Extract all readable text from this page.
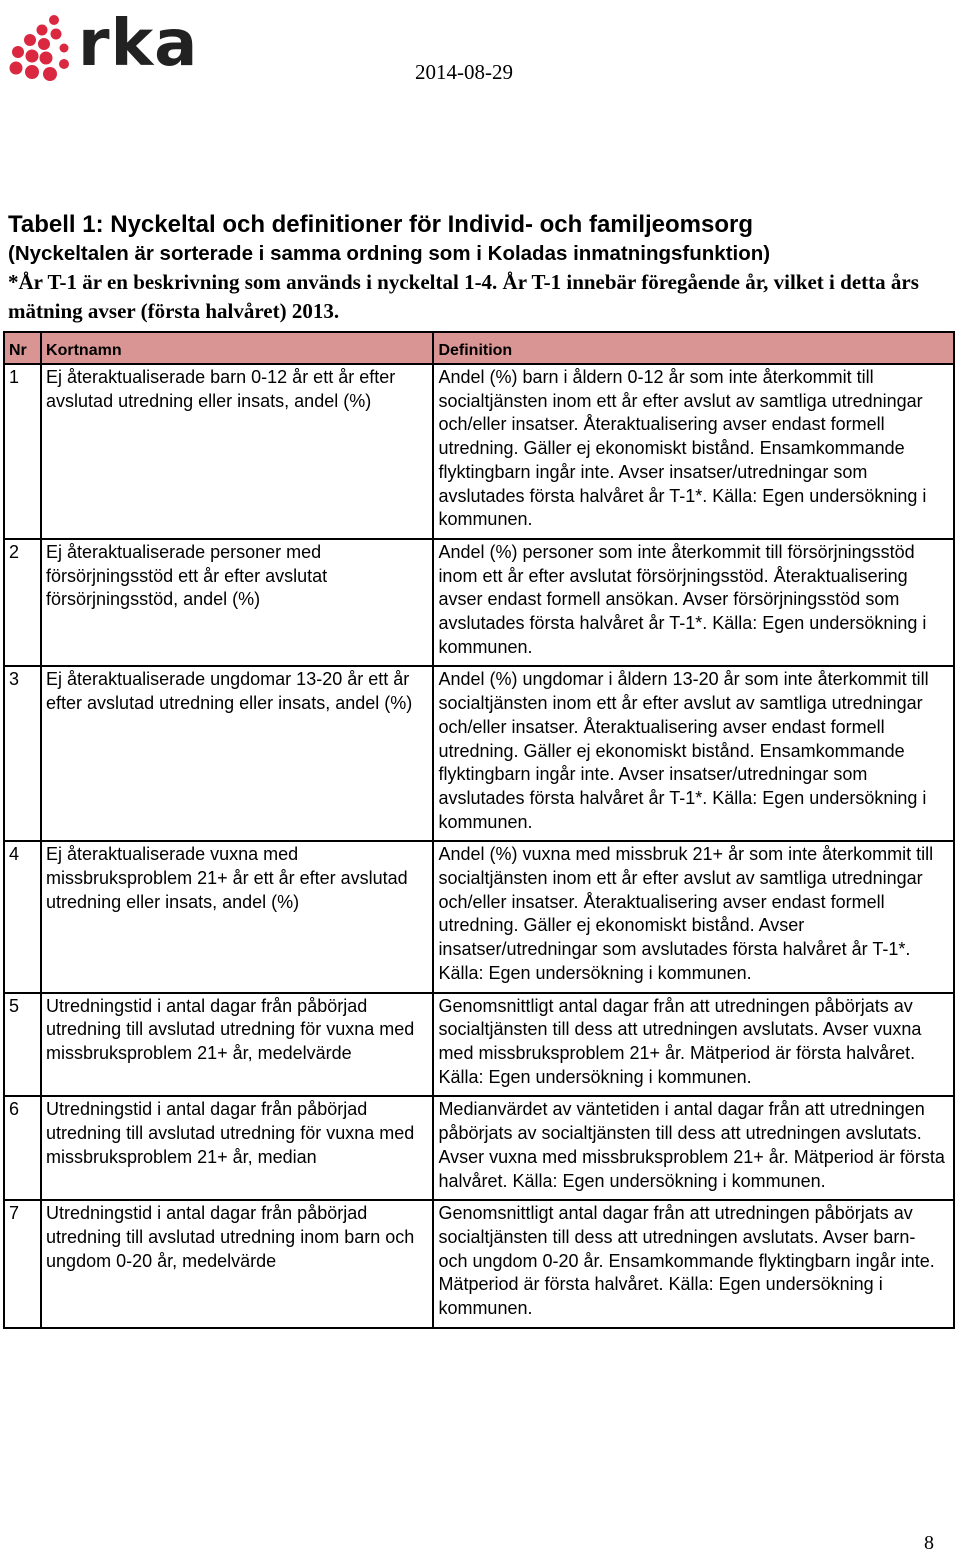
rka	2014-08-29
Tabell 1: Nyckeltal och definitioner för Individ- och familjeomsorg
(Nyckeltalen är sorterade i samma ordning som i Koladas inmatningsfunktion)
*År T-1 är en beskrivning som används i nyckeltal 1-4. År T-1 innebär föregående år, vilket i detta års mätning avser (första halvåret) 2013.
Nr	Kortnamn	Definition
1	Ej återaktualiserade barn 0-12 år ett år efter avslutad utredning eller insats, andel (%)	Andel (%) barn i åldern 0-12 år som inte återkommit till socialtjänsten inom ett år efter avslut av samtliga utredningar och/eller insatser. Återaktualisering avser endast formell utredning. Gäller ej ekonomiskt bistånd. Ensamkommande flyktingbarn ingår inte. Avser insatser/utredningar som avslutades första halvåret år T-1*. Källa: Egen undersökning i kommunen.
2	Ej återaktualiserade personer med försörjningsstöd ett år efter avslutat försörjningsstöd, andel (%)	Andel (%) personer som inte återkommit till försörjningsstöd inom ett år efter avslutat försörjningsstöd. Återaktualisering avser endast formell ansökan. Avser försörjningsstöd som avslutades första halvåret år T-1*. Källa: Egen undersökning i kommunen.
3	Ej återaktualiserade ungdomar 13-20 år ett år efter avslutad utredning eller insats, andel (%)	Andel (%) ungdomar i åldern 13-20 år som inte återkommit till socialtjänsten inom ett år efter avslut av samtliga utredningar och/eller insatser. Återaktualisering avser endast formell utredning. Gäller ej ekonomiskt bistånd. Ensamkommande flyktingbarn ingår inte. Avser insatser/utredningar som avslutades första halvåret år T-1*. Källa: Egen undersökning i kommunen.
4	Ej återaktualiserade vuxna med missbruksproblem 21+ år ett år efter avslutad utredning eller insats, andel (%)	Andel (%) vuxna med missbruk 21+ år som inte återkommit till socialtjänsten inom ett år efter avslut av samtliga utredningar och/eller insatser. Återaktualisering avser endast formell utredning. Gäller ej ekonomiskt bistånd. Avser insatser/utredningar som avslutades första halvåret år T-1*. Källa: Egen undersökning i kommunen.
5	Utredningstid i antal dagar från påbörjad utredning till avslutad utredning för vuxna med missbruksproblem 21+ år, medelvärde	Genomsnittligt antal dagar från att utredningen påbörjats av socialtjänsten till dess att utredningen avslutats. Avser vuxna med missbruksproblem 21+ år. Mätperiod är första halvåret. Källa: Egen undersökning i kommunen.
6	Utredningstid i antal dagar från påbörjad utredning till avslutad utredning för vuxna med missbruksproblem 21+ år, median	Medianvärdet av väntetiden i antal dagar från att utredningen påbörjats av socialtjänsten till dess att utredningen avslutats. Avser vuxna med missbruksproblem 21+ år. Mätperiod är första halvåret. Källa: Egen undersökning i kommunen.
7	Utredningstid i antal dagar från påbörjad utredning till avslutad utredning inom barn och ungdom 0-20 år, medelvärde	Genomsnittligt antal dagar från att utredningen påbörjats av socialtjänsten till dess att utredningen avslutats. Avser barn- och ungdom 0-20 år. Ensamkommande flyktingbarn ingår inte. Mätperiod är första halvåret. Källa: Egen undersökning i kommunen.
8
